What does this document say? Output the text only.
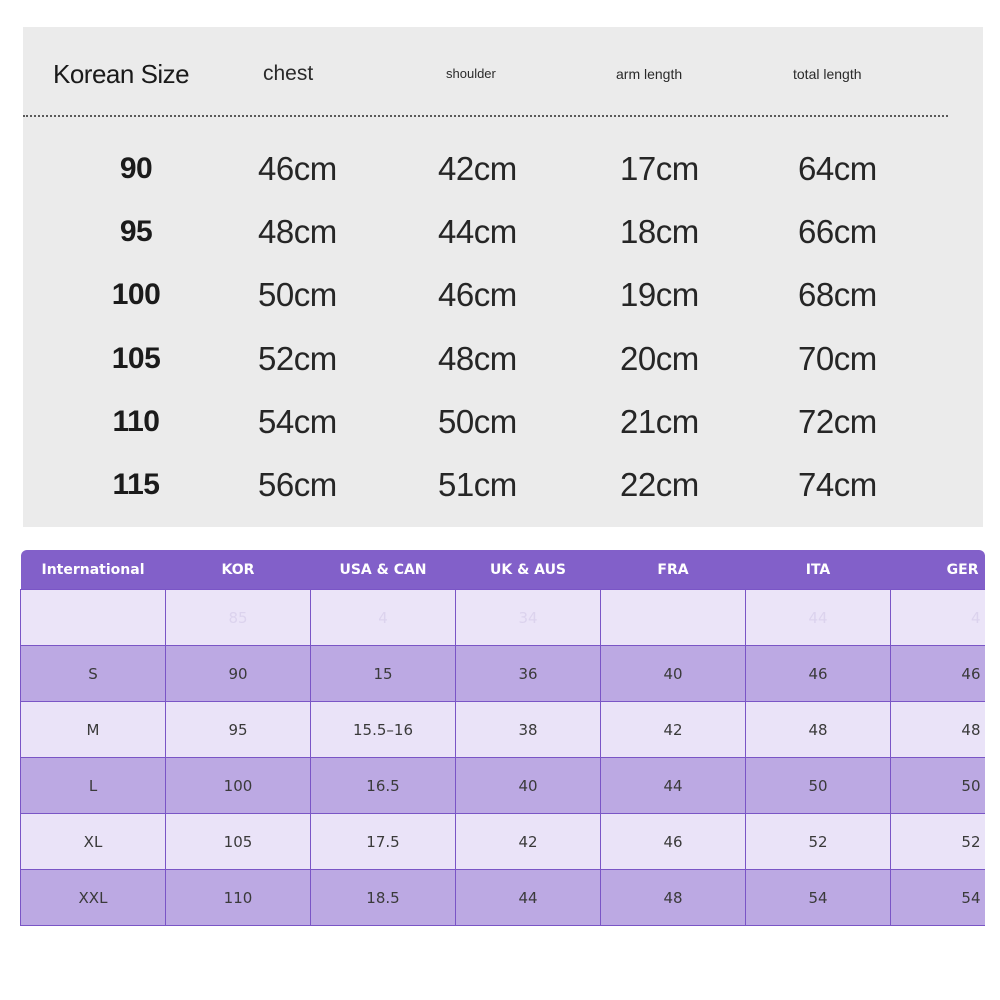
Korean Size	chest	shoulder	arm length	total length
90	46cm	42cm	17cm	64cm
95	48cm	44cm	18cm	66cm
100	50cm	46cm	19cm	68cm
105	52cm	48cm	20cm	70cm
110	54cm	50cm	21cm	72cm
115	56cm	51cm	22cm	74cm
International	KOR	USA & CAN	UK & AUS	FRA	ITA	GER
	85	4	34		44	4
S	90	15	36	40	46	46
M	95	15.5–16	38	42	48	48
L	100	16.5	40	44	50	50
XL	105	17.5	42	46	52	52
XXL	110	18.5	44	48	54	54
